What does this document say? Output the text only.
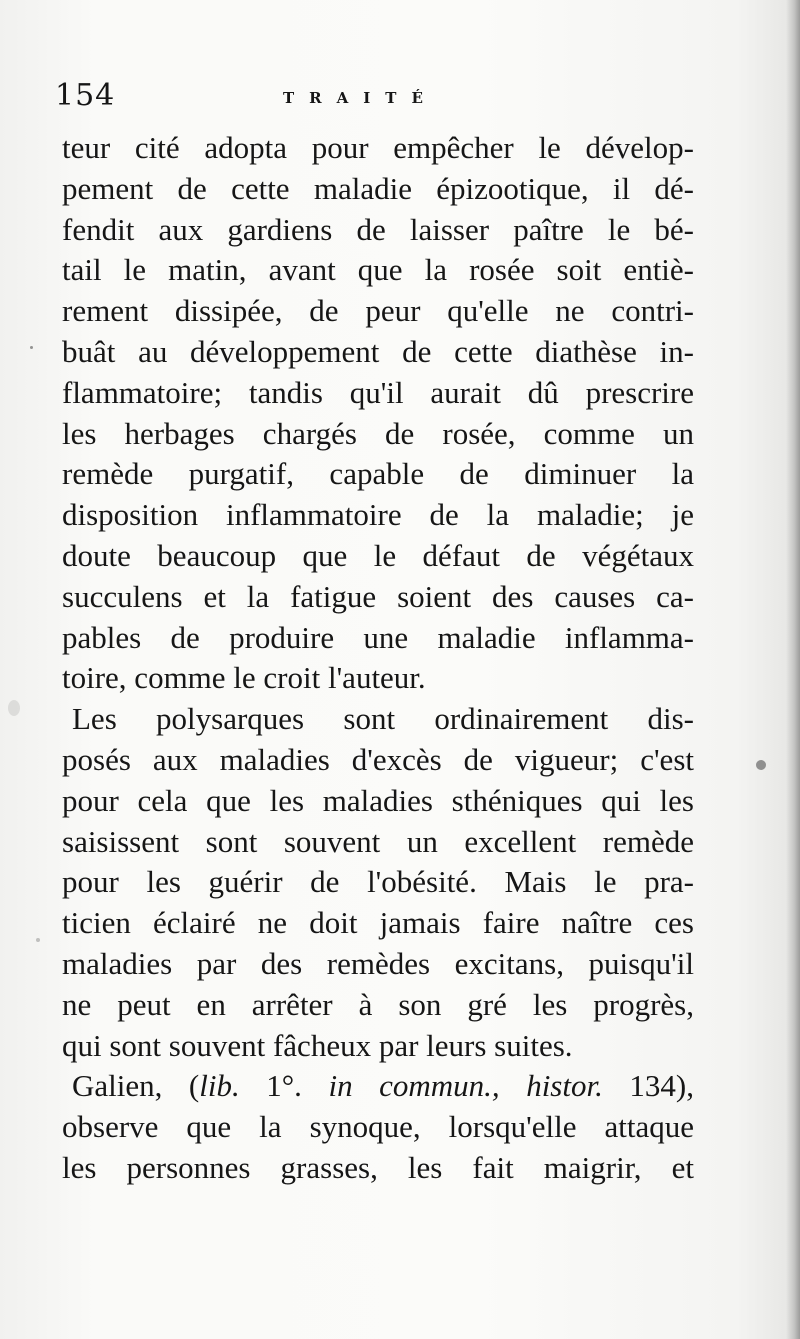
154	TRAITÉ
teur cité adopta pour empêcher le dévelop-
pement de cette maladie épizootique, il dé-
fendit aux gardiens de laisser paître le bé-
tail le matin, avant que la rosée soit entiè-
rement dissipée, de peur qu'elle ne contri-
buât au développement de cette diathèse in-
flammatoire; tandis qu'il aurait dû prescrire
les herbages chargés de rosée, comme un
remède purgatif, capable de diminuer la
disposition inflammatoire de la maladie; je
doute beaucoup que le défaut de végétaux
succulens et la fatigue soient des causes ca-
pables de produire une maladie inflamma-
toire, comme le croit l'auteur.
Les polysarques sont ordinairement dis-
posés aux maladies d'excès de vigueur; c'est
pour cela que les maladies sthéniques qui les
saisissent sont souvent un excellent remède
pour les guérir de l'obésité. Mais le pra-
ticien éclairé ne doit jamais faire naître ces
maladies par des remèdes excitans, puisqu'il
ne peut en arrêter à son gré les progrès,
qui sont souvent fâcheux par leurs suites.
Galien, (lib. 1°. in commun., histor. 134),
observe que la synoque, lorsqu'elle attaque
les personnes grasses, les fait maigrir, et
